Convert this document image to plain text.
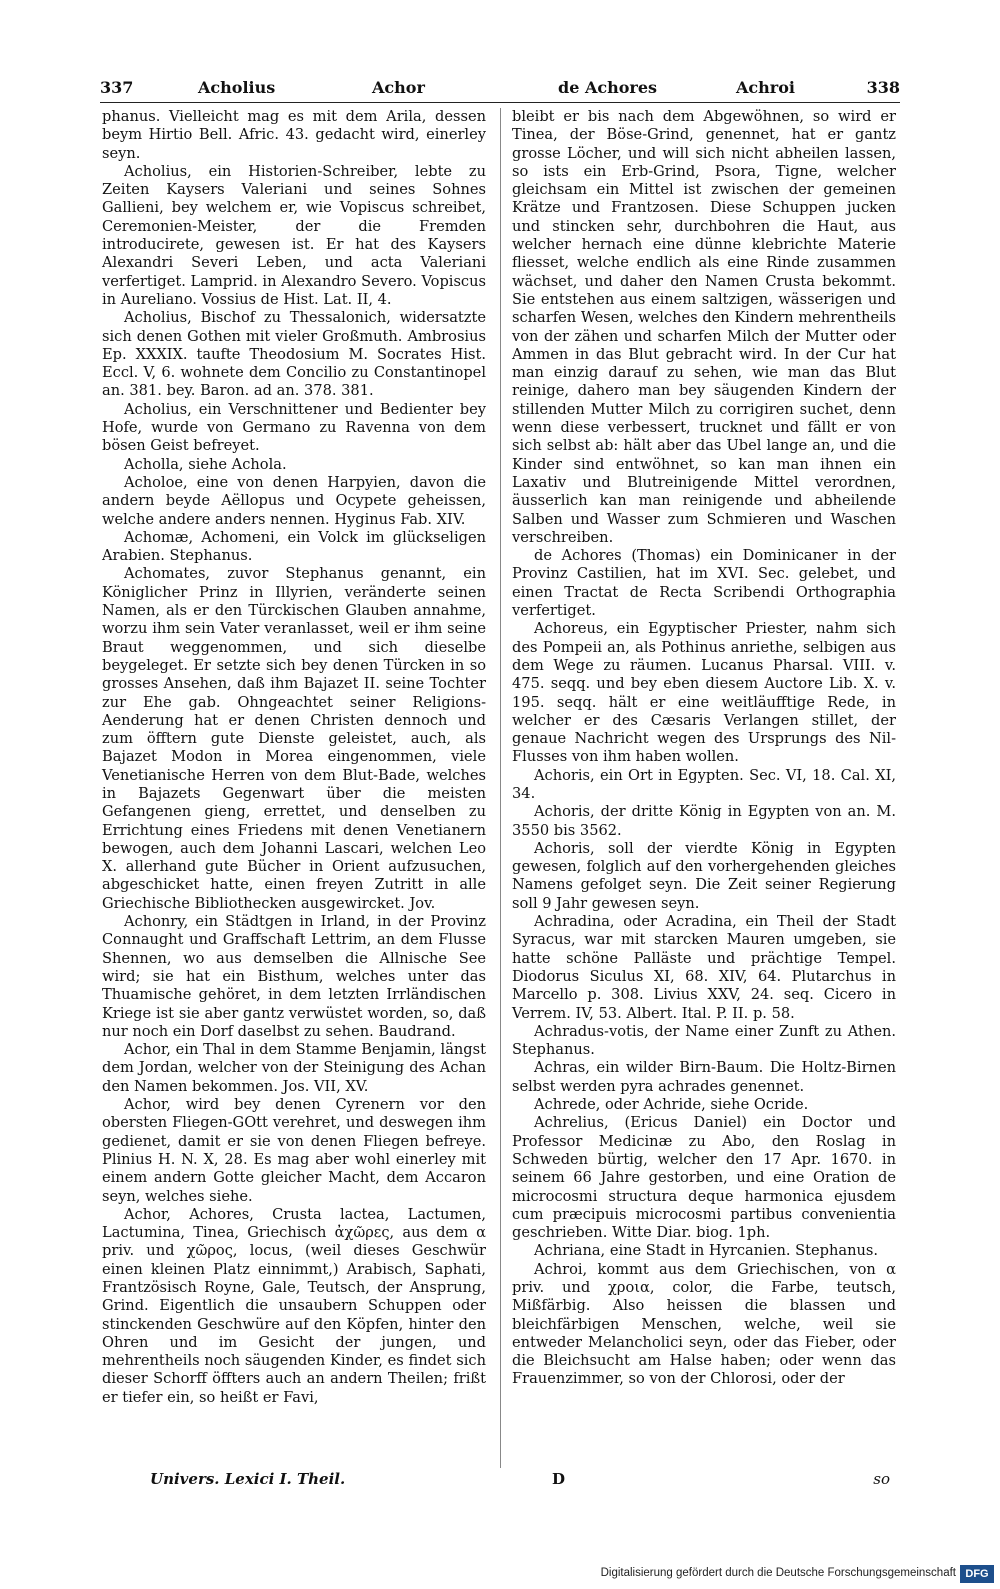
337	Acholius	Achor	de Achores	Achroi	338

phanus. Vielleicht mag es mit dem Arila, dessen beym Hirtio Bell. Afric. 43. gedacht wird, einerley seyn.

Acholius, ein Historien-Schreiber, lebte zu Zeiten Kaysers Valeriani und seines Sohnes Gallieni, bey welchem er, wie Vopiscus schreibet, Ceremonien-Meister, der die Fremden introducirete, gewesen ist. Er hat des Kaysers Alexandri Severi Leben, und acta Valeriani verfertiget. Lamprid. in Alexandro Severo. Vopiscus in Aureliano. Vossius de Hist. Lat. II, 4.

Acholius, Bischof zu Thessalonich, widersatzte sich denen Gothen mit vieler Großmuth. Ambrosius Ep. XXXIX. taufte Theodosium M. Socrates Hist. Eccl. V, 6. wohnete dem Concilio zu Constantinopel an. 381. bey. Baron. ad an. 378. 381.

Acholius, ein Verschnittener und Bedienter bey Hofe, wurde von Germano zu Ravenna von dem bösen Geist befreyet.

Acholla, siehe Achola.

Acholoe, eine von denen Harpyien, davon die andern beyde Aëllopus und Ocypete geheissen, welche andere anders nennen. Hyginus Fab. XIV.

Achomæ, Achomeni, ein Volck im glückseligen Arabien. Stephanus.

Achomates, zuvor Stephanus genannt, ein Königlicher Prinz in Illyrien, veränderte seinen Namen, als er den Türckischen Glauben annahme, worzu ihm sein Vater veranlasset, weil er ihm seine Braut weggenommen, und sich dieselbe beygeleget. Er setzte sich bey denen Türcken in so grosses Ansehen, daß ihm Bajazet II. seine Tochter zur Ehe gab. Ohngeachtet seiner Religions-Aenderung hat er denen Christen dennoch und zum öfftern gute Dienste geleistet, auch, als Bajazet Modon in Morea eingenommen, viele Venetianische Herren von dem Blut-Bade, welches in Bajazets Gegenwart über die meisten Gefangenen gieng, errettet, und denselben zu Errichtung eines Friedens mit denen Venetianern bewogen, auch dem Johanni Lascari, welchen Leo X. allerhand gute Bücher in Orient aufzusuchen, abgeschicket hatte, einen freyen Zutritt in alle Griechische Bibliothecken ausgewircket. Jov.

Achonry, ein Städtgen in Irland, in der Provinz Connaught und Graffschaft Lettrim, an dem Flusse Shennen, wo aus demselben die Allnische See wird; sie hat ein Bisthum, welches unter das Thuamische gehöret, in dem letzten Irrländischen Kriege ist sie aber gantz verwüstet worden, so, daß nur noch ein Dorf daselbst zu sehen. Baudrand.

Achor, ein Thal in dem Stamme Benjamin, längst dem Jordan, welcher von der Steinigung des Achan den Namen bekommen. Jos. VII, XV.

Achor, wird bey denen Cyrenern vor den obersten Fliegen-GOtt verehret, und deswegen ihm gedienet, damit er sie von denen Fliegen befreye. Plinius H. N. X, 28. Es mag aber wohl einerley mit einem andern Gotte gleicher Macht, dem Accaron seyn, welches siehe.

Achor, Achores, Crusta lactea, Lactumen, Lactumina, Tinea, Griechisch ἀχῶρες, aus dem α priv. und χῶρος, locus, (weil dieses Geschwür einen kleinen Platz einnimmt,) Arabisch, Saphati, Frantzösisch Royne, Gale, Teutsch, der Ansprung, Grind. Eigentlich die unsaubern Schuppen oder stinckenden Geschwüre auf den Köpfen, hinter den Ohren und im Gesicht der jungen, und mehrentheils noch säugenden Kinder, es findet sich dieser Schorff öffters auch an andern Theilen; frißt er tiefer ein, so heißt er Favi,

bleibt er bis nach dem Abgewöhnen, so wird er Tinea, der Böse-Grind, genennet, hat er gantz grosse Löcher, und will sich nicht abheilen lassen, so ists ein Erb-Grind, Psora, Tigne, welcher gleichsam ein Mittel ist zwischen der gemeinen Krätze und Frantzosen. Diese Schuppen jucken und stincken sehr, durchbohren die Haut, aus welcher hernach eine dünne klebrichte Materie fliesset, welche endlich als eine Rinde zusammen wächset, und daher den Namen Crusta bekommt. Sie entstehen aus einem saltzigen, wässerigen und scharfen Wesen, welches den Kindern mehrentheils von der zähen und scharfen Milch der Mutter oder Ammen in das Blut gebracht wird. In der Cur hat man einzig darauf zu sehen, wie man das Blut reinige, dahero man bey säugenden Kindern der stillenden Mutter Milch zu corrigiren suchet, denn wenn diese verbessert, trucknet und fällt er von sich selbst ab: hält aber das Ubel lange an, und die Kinder sind entwöhnet, so kan man ihnen ein Laxativ und Blutreinigende Mittel verordnen, äusserlich kan man reinigende und abheilende Salben und Wasser zum Schmieren und Waschen verschreiben.

de Achores (Thomas) ein Dominicaner in der Provinz Castilien, hat im XVI. Sec. gelebet, und einen Tractat de Recta Scribendi Orthographia verfertiget.

Achoreus, ein Egyptischer Priester, nahm sich des Pompeii an, als Pothinus anriethe, selbigen aus dem Wege zu räumen. Lucanus Pharsal. VIII. v. 475. seqq. und bey eben diesem Auctore Lib. X. v. 195. seqq. hält er eine weitläufftige Rede, in welcher er des Cæsaris Verlangen stillet, der genaue Nachricht wegen des Ursprungs des Nil-Flusses von ihm haben wollen.

Achoris, ein Ort in Egypten. Sec. VI, 18. Cal. XI, 34.

Achoris, der dritte König in Egypten von an. M. 3550 bis 3562.

Achoris, soll der vierdte König in Egypten gewesen, folglich auf den vorhergehenden gleiches Namens gefolget seyn. Die Zeit seiner Regierung soll 9 Jahr gewesen seyn.

Achradina, oder Acradina, ein Theil der Stadt Syracus, war mit starcken Mauren umgeben, sie hatte schöne Palläste und prächtige Tempel. Diodorus Siculus XI, 68. XIV, 64. Plutarchus in Marcello p. 308. Livius XXV, 24. seq. Cicero in Verrem. IV, 53. Albert. Ital. P. II. p. 58.

Achradus-votis, der Name einer Zunft zu Athen. Stephanus.

Achras, ein wilder Birn-Baum. Die Holtz-Birnen selbst werden pyra achrades genennet.

Achrede, oder Achride, siehe Ocride.

Achrelius, (Ericus Daniel) ein Doctor und Professor Medicinæ zu Abo, den Roslag in Schweden bürtig, welcher den 17 Apr. 1670. in seinem 66 Jahre gestorben, und eine Oration de microcosmi structura deque harmonica ejusdem cum præcipuis microcosmi partibus convenientia geschrieben. Witte Diar. biog. 1ph.

Achriana, eine Stadt in Hyrcanien. Stephanus.

Achroi, kommt aus dem Griechischen, von α priv. und χροια, color, die Farbe, teutsch, Mißfärbig. Also heissen die blassen und bleichfärbigen Menschen, welche, weil sie entweder Melancholici seyn, oder das Fieber, oder die Bleichsucht am Halse haben; oder wenn das Frauenzimmer, so von der Chlorosi, oder der

Univers. Lexici I. Theil.	D	so
Digitalisierung gefördert durch die Deutsche Forschungsgemeinschaft DFG
